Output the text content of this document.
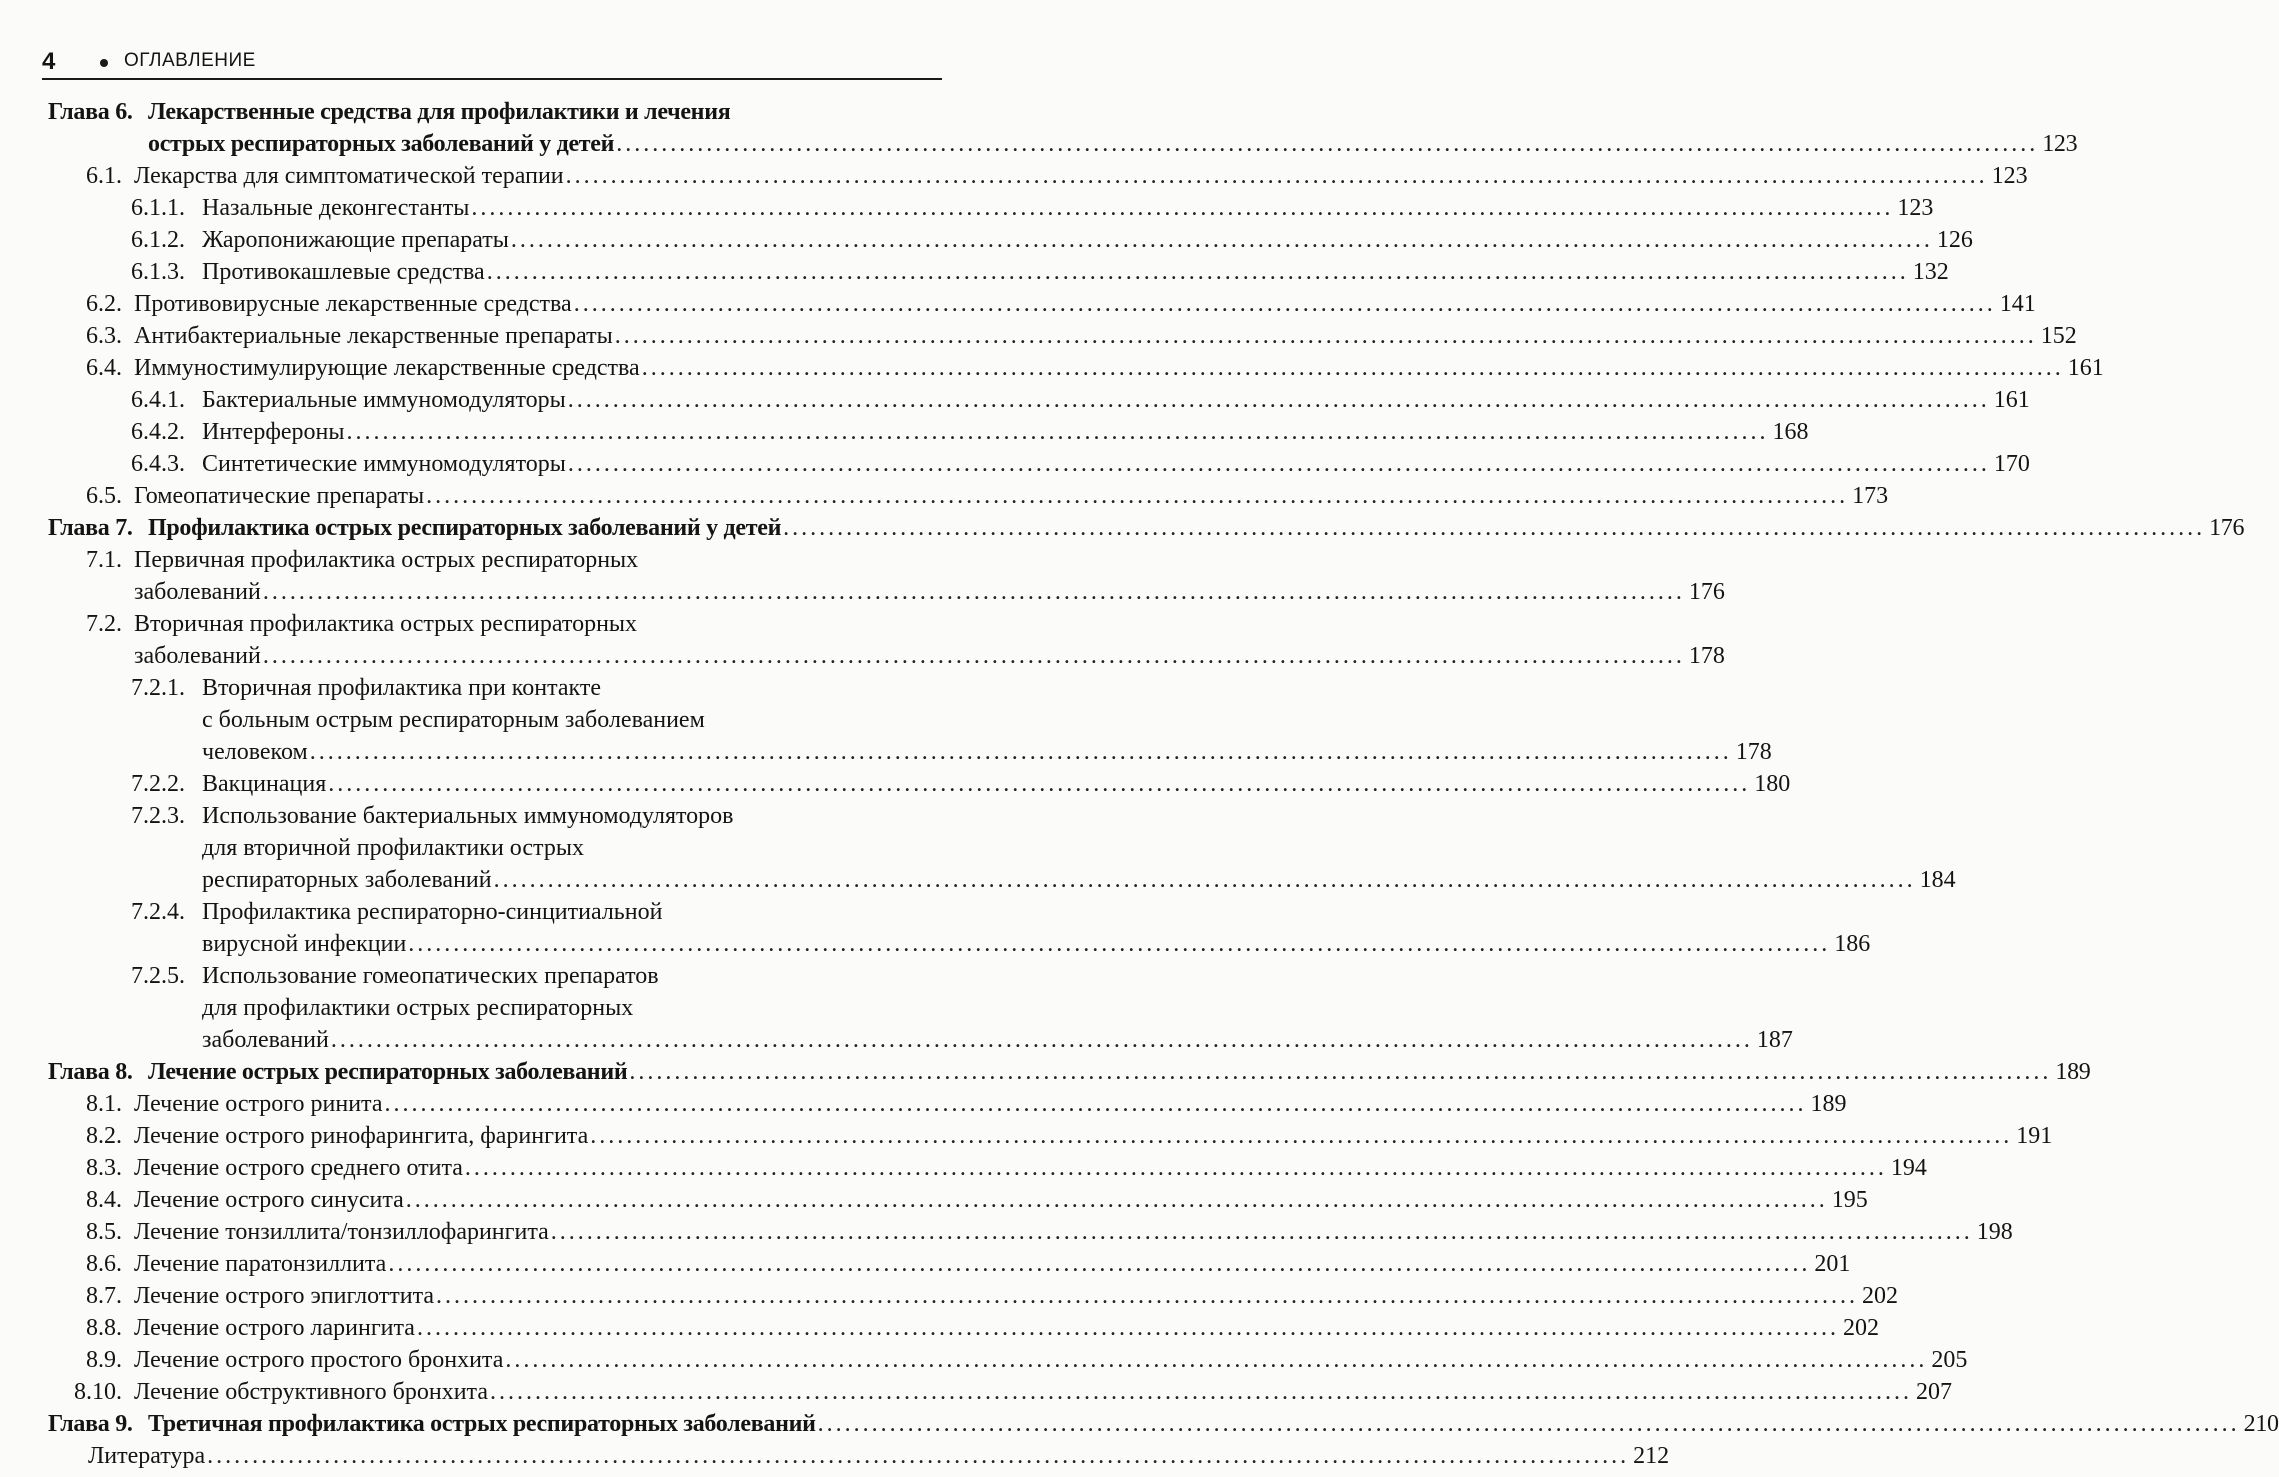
4	ОГЛАВЛЕНИЕ
Глава 6. Лекарственные средства для профилактики и лечения
острых респираторных заболеваний у детей .............................................................................................................................................................. 123
6.1. Лекарства для симптоматической терапии .............................................................................................................................................................. 123
6.1.1. Назальные деконгестанты .............................................................................................................................................................. 123
6.1.2. Жаропонижающие препараты .............................................................................................................................................................. 126
6.1.3. Противокашлевые средства .............................................................................................................................................................. 132
6.2. Противовирусные лекарственные средства .............................................................................................................................................................. 141
6.3. Антибактериальные лекарственные препараты .............................................................................................................................................................. 152
6.4. Иммуностимулирующие лекарственные средства .............................................................................................................................................................. 161
6.4.1. Бактериальные иммуномодуляторы .............................................................................................................................................................. 161
6.4.2. Интерфероны .............................................................................................................................................................. 168
6.4.3. Синтетические иммуномодуляторы .............................................................................................................................................................. 170
6.5. Гомеопатические препараты .............................................................................................................................................................. 173
Глава 7. Профилактика острых респираторных заболеваний у детей .............................................................................................................................................................. 176
7.1. Первичная профилактика острых респираторных
заболеваний .............................................................................................................................................................. 176
7.2. Вторичная профилактика острых респираторных
заболеваний .............................................................................................................................................................. 178
7.2.1. Вторичная профилактика при контакте
с больным острым респираторным заболеванием
человеком .............................................................................................................................................................. 178
7.2.2. Вакцинация .............................................................................................................................................................. 180
7.2.3. Использование бактериальных иммуномодуляторов
для вторичной профилактики острых
респираторных заболеваний .............................................................................................................................................................. 184
7.2.4. Профилактика респираторно-синцитиальной
вирусной инфекции .............................................................................................................................................................. 186
7.2.5. Использование гомеопатических препаратов
для профилактики острых респираторных
заболеваний .............................................................................................................................................................. 187
Глава 8. Лечение острых респираторных заболеваний .............................................................................................................................................................. 189
8.1. Лечение острого ринита .............................................................................................................................................................. 189
8.2. Лечение острого ринофарингита, фарингита .............................................................................................................................................................. 191
8.3. Лечение острого среднего отита .............................................................................................................................................................. 194
8.4. Лечение острого синусита .............................................................................................................................................................. 195
8.5. Лечение тонзиллита/тонзиллофарингита .............................................................................................................................................................. 198
8.6. Лечение паратонзиллита .............................................................................................................................................................. 201
8.7. Лечение острого эпиглоттита .............................................................................................................................................................. 202
8.8. Лечение острого ларингита .............................................................................................................................................................. 202
8.9. Лечение острого простого бронхита .............................................................................................................................................................. 205
8.10. Лечение обструктивного бронхита .............................................................................................................................................................. 207
Глава 9. Третичная профилактика острых респираторных заболеваний .............................................................................................................................................................. 210
Литература .............................................................................................................................................................. 212
